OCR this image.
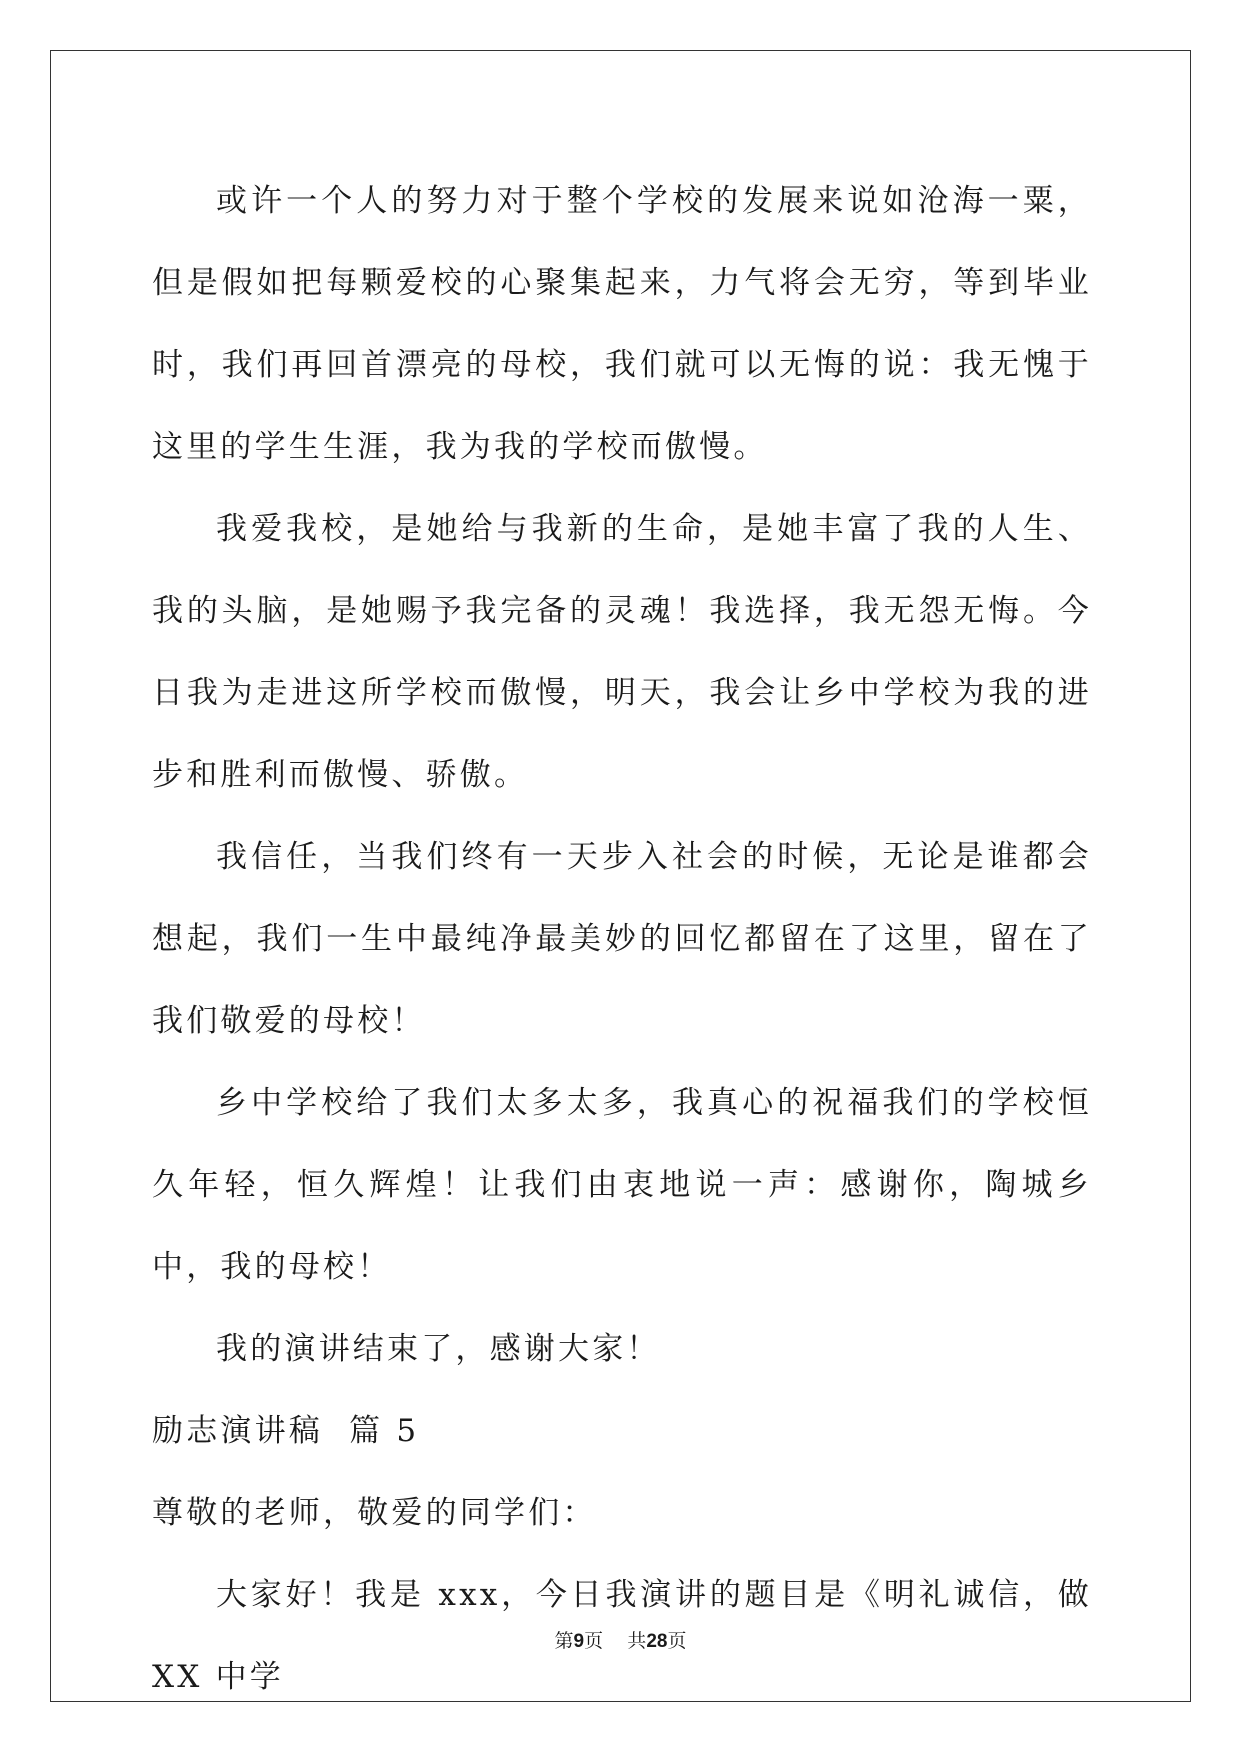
或许一个人的努力对于整个学校的发展来说如沧海一粟，但是假如把每颗爱校的心聚集起来，力气将会无穷，等到毕业时，我们再回首漂亮的母校，我们就可以无悔的说：我无愧于这里的学生生涯，我为我的学校而傲慢。

我爱我校，是她给与我新的生命，是她丰富了我的人生、我的头脑，是她赐予我完备的灵魂！我选择，我无怨无悔。今日我为走进这所学校而傲慢，明天，我会让乡中学校为我的进步和胜利而傲慢、骄傲。

我信任，当我们终有一天步入社会的时候，无论是谁都会想起，我们一生中最纯净最美妙的回忆都留在了这里，留在了我们敬爱的母校！

乡中学校给了我们太多太多，我真心的祝福我们的学校恒久年轻，恒久辉煌！让我们由衷地说一声：感谢你，陶城乡中，我的母校！

我的演讲结束了，感谢大家！

励志演讲稿  篇 5

尊敬的老师，敬爱的同学们：

大家好！我是 xxx，今日我演讲的题目是《明礼诚信，做 XX 中学

第9页 共28页
